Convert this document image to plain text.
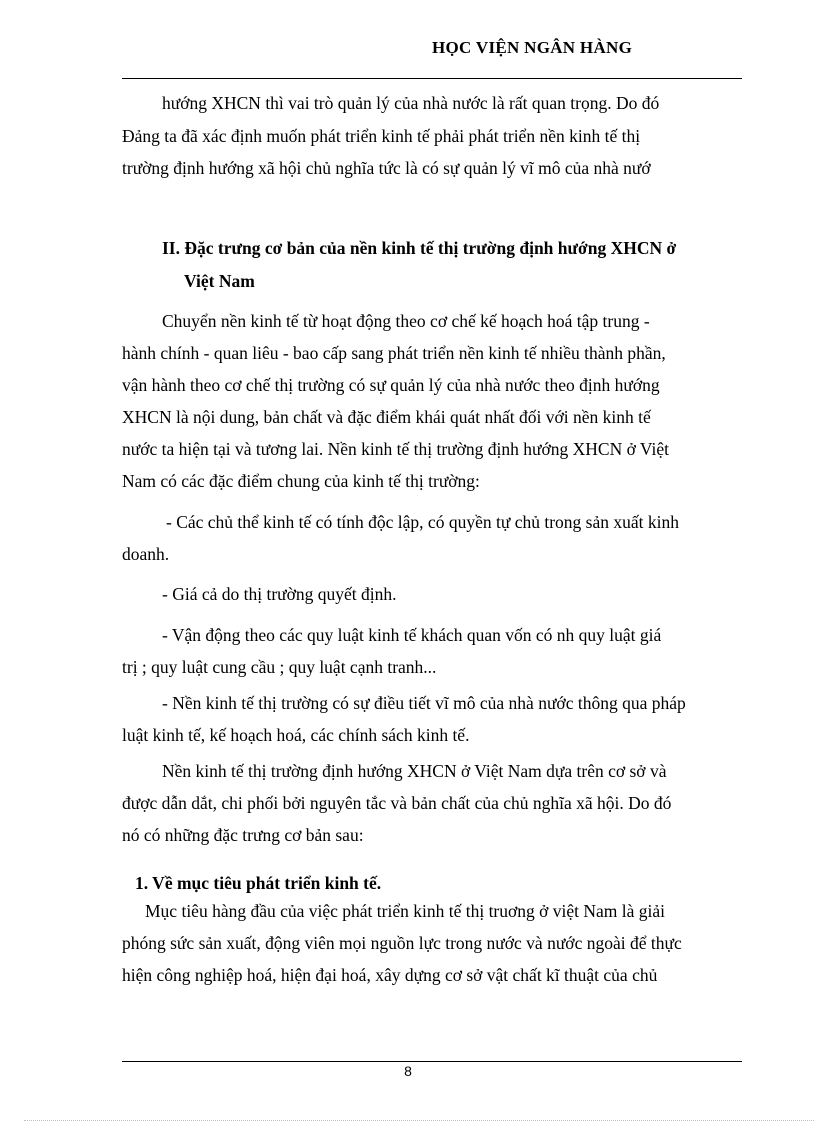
HỌC VIỆN NGÂN HÀNG
hướng XHCN thì vai trò quản lý của nhà nước là rất quan trọng. Do đó
Đảng ta đã xác định muốn phát triển kinh tế phải phát triển nền kinh tế thị
trường định hướng xã hội chủ nghĩa tức là có sự quản lý vĩ mô của nhà nướ
II. Đặc trưng cơ bản của nền kinh tế thị trường định hướng XHCN ở
Việt Nam
Chuyển nền kinh tế từ hoạt động theo cơ chế kế hoạch hoá tập trung -
hành chính - quan liêu - bao cấp sang phát triển nền kinh tế nhiều thành phần,
vận hành theo cơ chế thị trường có sự quản lý của nhà nước theo định hướng
XHCN là nội dung, bản chất và đặc điểm khái quát nhất đối với nền kinh tế
nước ta hiện tại và tương lai. Nền kinh tế thị trường định hướng XHCN ở Việt
Nam có các đặc điểm chung của kinh tế thị trường:
- Các chủ thể kinh tế có tính độc lập, có quyền tự chủ trong sản xuất kinh
doanh.
- Giá cả do thị trường quyết định.
- Vận động theo các quy luật kinh tế khách quan vốn có nh quy luật giá
trị ; quy luật cung cầu ; quy luật cạnh tranh...
- Nền kinh tế thị trường có sự điều tiết vĩ mô của nhà nước thông qua pháp
luật kinh tế, kế hoạch hoá, các chính sách kinh tế.
Nền kinh tế thị trường định hướng XHCN ở Việt Nam dựa trên cơ sở và
được dẫn dắt, chi phối bởi nguyên tắc và bản chất của chủ nghĩa xã hội. Do đó
nó có những đặc trưng cơ bản sau:
1. Về mục tiêu phát triển kinh tế.
Mục tiêu hàng đầu của việc phát triển kinh tế thị truơng ở việt Nam là giải
phóng sức sản xuất, động viên mọi nguồn lực trong nước và nước ngoài để thực
hiện công nghiệp hoá, hiện đại hoá, xây dựng cơ sở vật chất kĩ thuật của chủ
8
